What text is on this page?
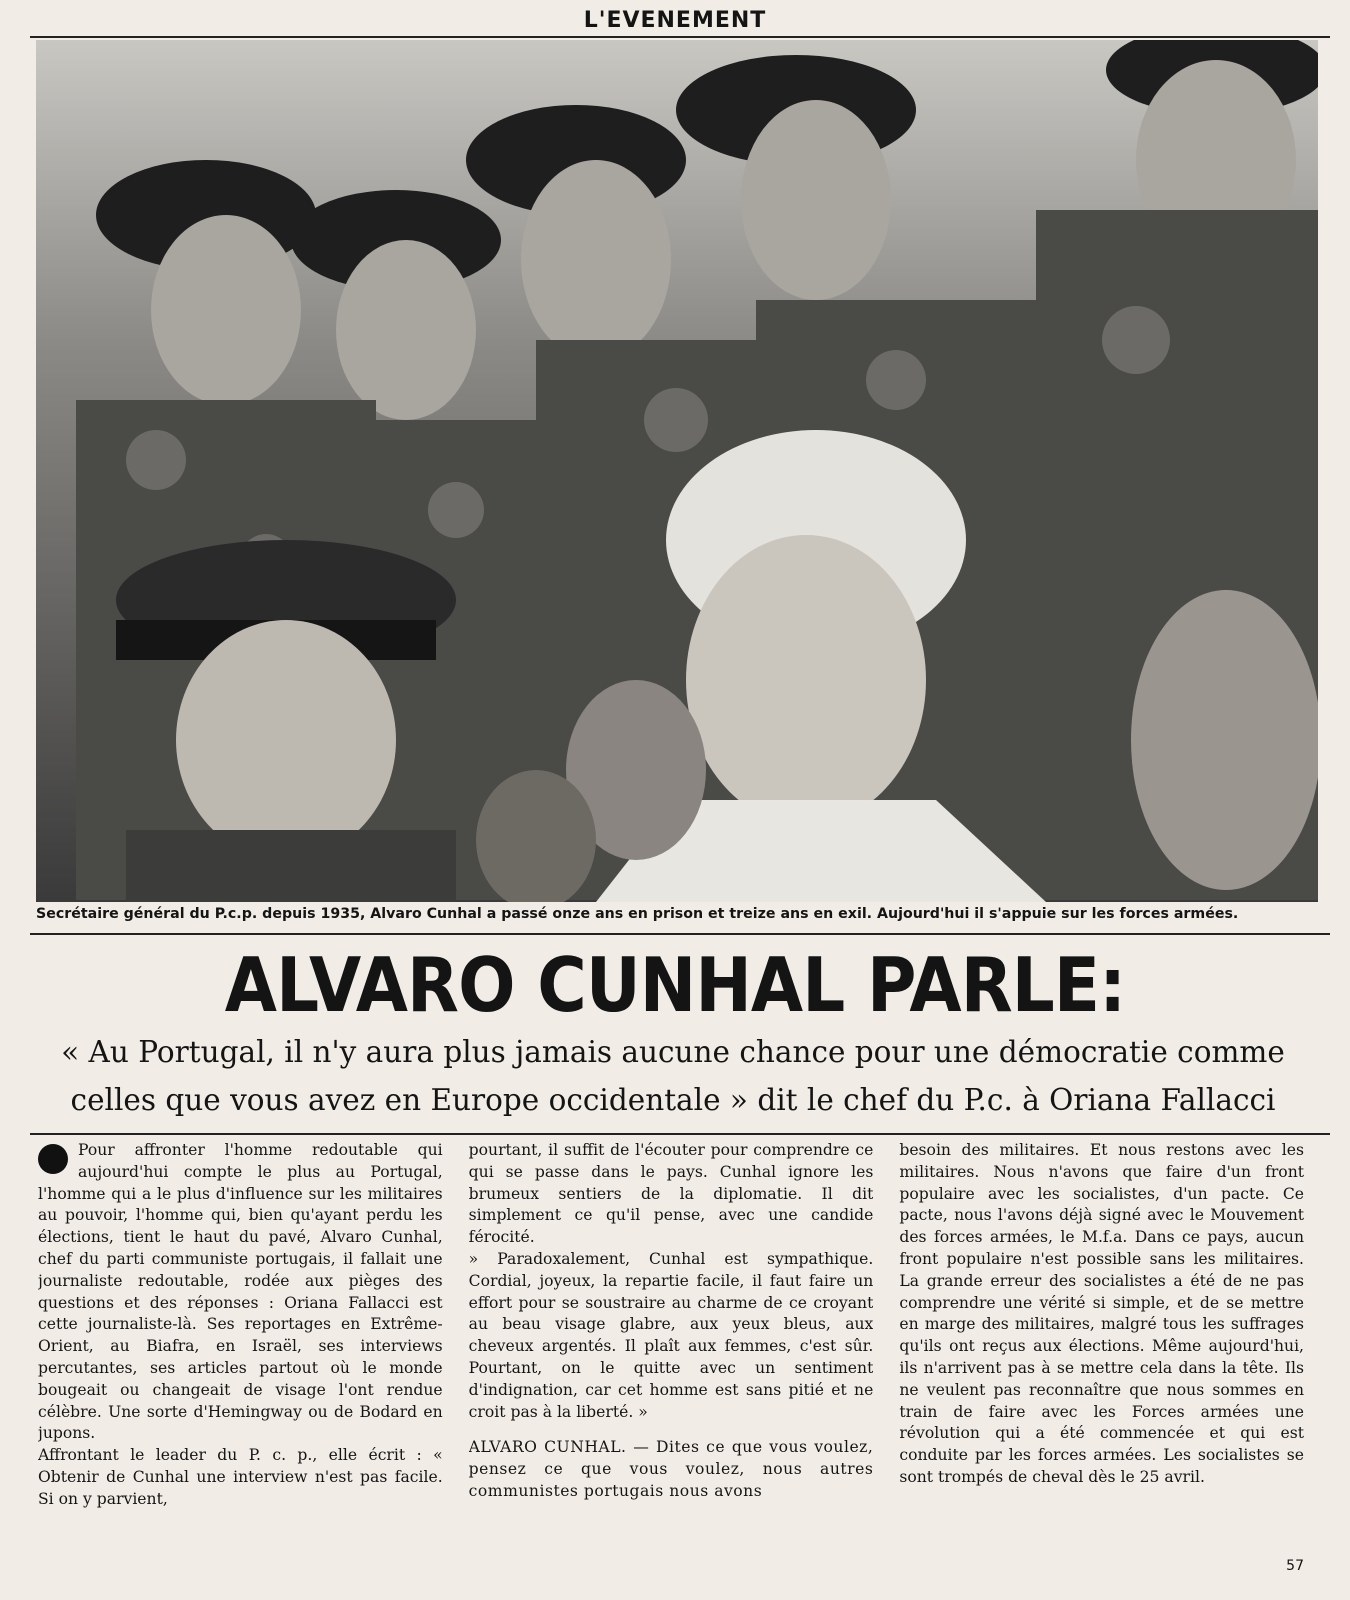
L'EVENEMENT
Secrétaire général du P.c.p. depuis 1935, Alvaro Cunhal a passé onze ans en prison et treize ans en exil. Aujourd'hui il s'appuie sur les forces armées.
ALVARO CUNHAL PARLE:
« Au Portugal, il n'y aura plus jamais aucune chance pour une démocratie comme celles que vous avez en Europe occidentale » dit le chef du P.c. à Oriana Fallacci

Pour affronter l'homme redoutable qui aujourd'hui compte le plus au Portugal, l'homme qui a le plus d'influence sur les militaires au pouvoir, l'homme qui, bien qu'ayant perdu les élections, tient le haut du pavé, Alvaro Cunhal, chef du parti communiste portugais, il fallait une journaliste redoutable, rodée aux pièges des questions et des réponses : Oriana Fallacci est cette journaliste-là. Ses reportages en Extrême-Orient, au Biafra, en Israël, ses interviews percutantes, ses articles partout où le monde bougeait ou changeait de visage l'ont rendue célèbre. Une sorte d'Hemingway ou de Bodard en jupons.

Affrontant le leader du P. c. p., elle écrit : « Obtenir de Cunhal une interview n'est pas facile. Si on y parvient,

pourtant, il suffit de l'écouter pour comprendre ce qui se passe dans le pays. Cunhal ignore les brumeux sentiers de la diplomatie. Il dit simplement ce qu'il pense, avec une candide férocité.

» Paradoxalement, Cunhal est sympathique. Cordial, joyeux, la repartie facile, il faut faire un effort pour se soustraire au charme de ce croyant au beau visage glabre, aux yeux bleus, aux cheveux argentés. Il plaît aux femmes, c'est sûr. Pourtant, on le quitte avec un sentiment d'indignation, car cet homme est sans pitié et ne croit pas à la liberté. »

ALVARO CUNHAL. — Dites ce que vous voulez, pensez ce que vous voulez, nous autres communistes portugais nous avons

besoin des militaires. Et nous restons avec les militaires. Nous n'avons que faire d'un front populaire avec les socialistes, d'un pacte. Ce pacte, nous l'avons déjà signé avec le Mouvement des forces armées, le M.f.a. Dans ce pays, aucun front populaire n'est possible sans les militaires. La grande erreur des socialistes a été de ne pas comprendre une vérité si simple, et de se mettre en marge des militaires, malgré tous les suffrages qu'ils ont reçus aux élections. Même aujourd'hui, ils n'arrivent pas à se mettre cela dans la tête. Ils ne veulent pas reconnaître que nous sommes en train de faire avec les Forces armées une révolution qui a été commencée et qui est conduite par les forces armées. Les socialistes se sont trompés de cheval dès le 25 avril.

57
